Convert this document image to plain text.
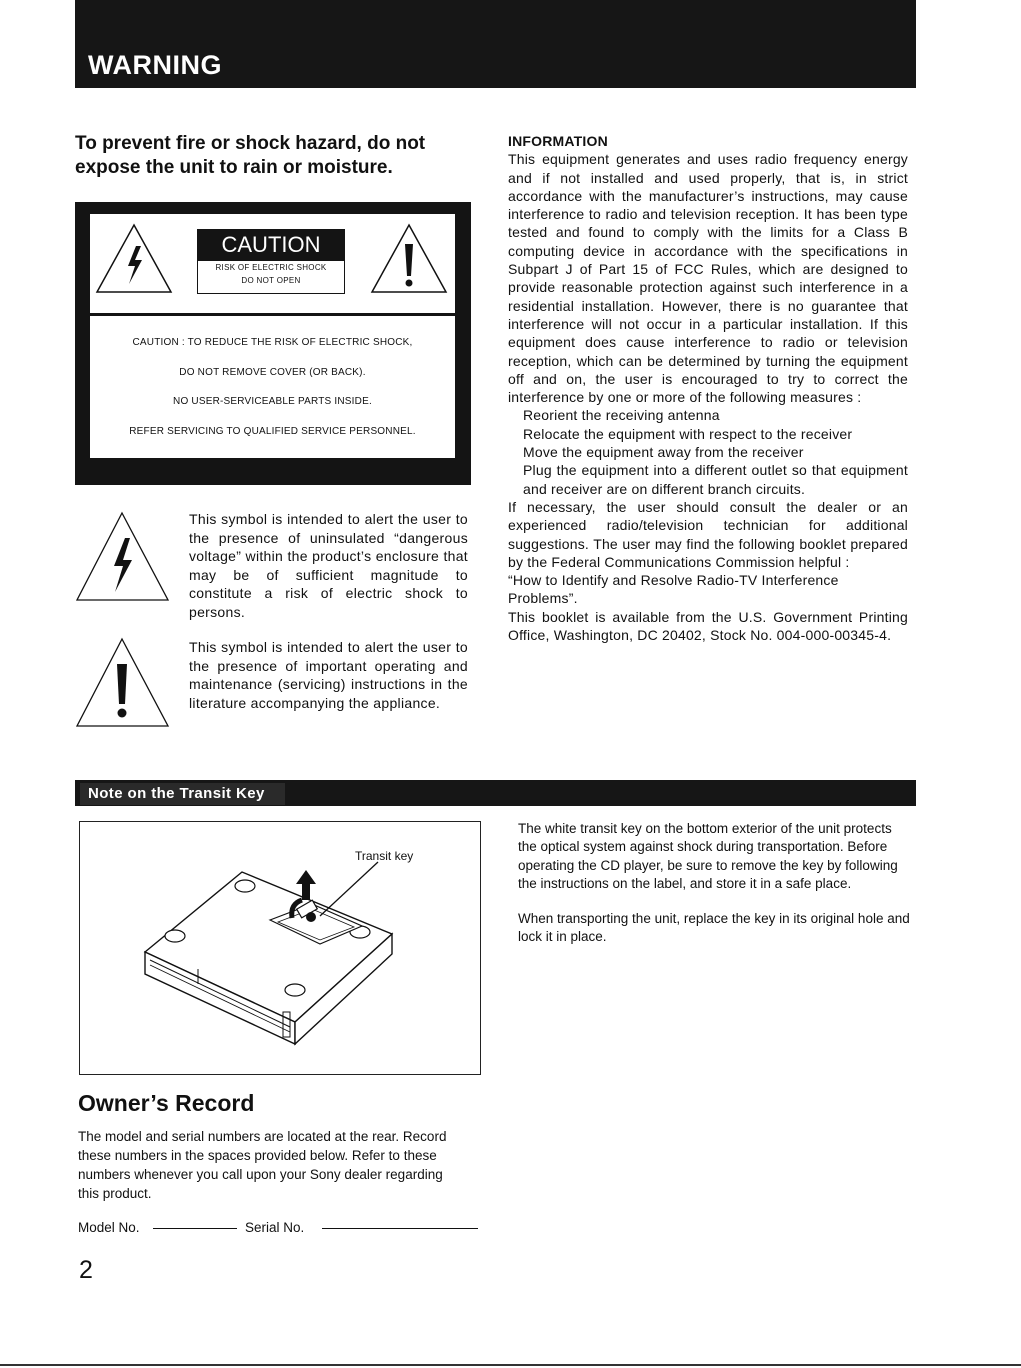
WARNING
To prevent fire or shock hazard, do not expose the unit to rain or moisture.
CAUTION
RISK OF ELECTRIC SHOCK
DO NOT OPEN
CAUTION : TO REDUCE THE RISK OF ELECTRIC SHOCK,
DO NOT REMOVE COVER (OR BACK).
NO USER-SERVICEABLE PARTS INSIDE.
REFER SERVICING TO QUALIFIED SERVICE PERSONNEL.
This symbol is intended to alert the user to the presence of uninsulated “dangerous voltage” within the product’s enclosure that may be of sufficient magnitude to constitute a risk of electric shock to persons.
This symbol is intended to alert the user to the presence of important operating and maintenance (servicing) instructions in the literature accompanying the appliance.
INFORMATION

This equipment generates and uses radio frequency energy and if not installed and used properly, that is, in strict accordance with the manufacturer’s instructions, may cause interference to radio and television reception. It has been type tested and found to comply with the limits for a Class B computing device in accordance with the specifications in Subpart J of Part 15 of FCC Rules, which are designed to provide reasonable protection against such interference in a residential installation. However, there is no guarantee that interference will not occur in a particular installation. If this equipment does cause interference to radio or television reception, which can be determined by turning the equipment off and on, the user is encouraged to try to correct the interference by one or more of the following measures :

Reorient the receiving antenna

Relocate the equipment with respect to the receiver

Move the equipment away from the receiver

Plug the equipment into a different outlet so that equipment and receiver are on different branch circuits.

If necessary, the user should consult the dealer or an experienced radio/television technician for additional suggestions. The user may find the following booklet prepared by the Federal Communications Commission helpful :

“How to Identify and Resolve Radio-TV Interference Problems”.

This booklet is available from the U.S. Government Printing Office, Washington, DC 20402, Stock No. 004-000-00345-4.

Note on the Transit Key
Transit key

The white transit key on the bottom exterior of the unit protects the optical system against shock during transportation. Before operating the CD player, be sure to remove the key by following the instructions on the label, and store it in a safe place.

When transporting the unit, replace the key in its original hole and lock it in place.

Owner’s Record
The model and serial numbers are located at the rear. Record these numbers in the spaces provided below. Refer to these numbers whenever you call upon your Sony dealer regarding this product.
Model No.	Serial No.
2
